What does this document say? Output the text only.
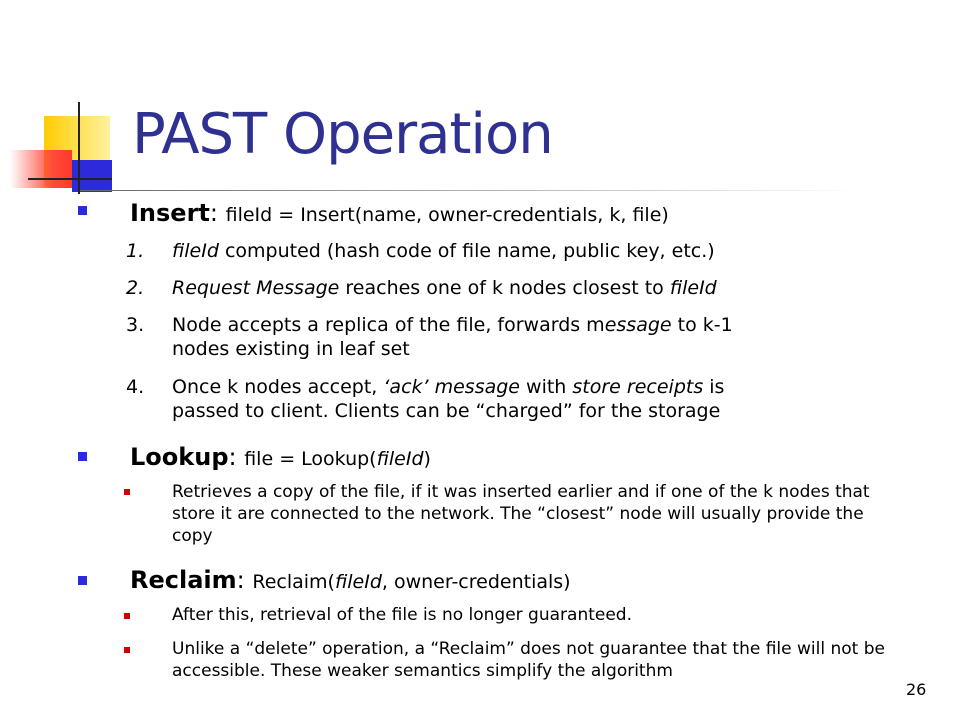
PAST Operation
Insert: fileId = Insert(name, owner-credentials, k, file)
1. fileId computed (hash code of file name, public key, etc.)
2. Request Message reaches one of k nodes closest to fileId
3. Node accepts a replica of the file, forwards message to k-1
nodes existing in leaf set
4. Once k nodes accept, ‘ack’ message with store receipts is
passed to client. Clients can be “charged” for the storage
Lookup: file = Lookup(fileId)
Retrieves a copy of the file, if it was inserted earlier and if one of the k nodes that store it are connected to the network. The “closest” node will usually provide the copy
Reclaim: Reclaim(fileId, owner-credentials)
After this, retrieval of the file is no longer guaranteed.
Unlike a “delete” operation, a “Reclaim” does not guarantee that the file will not be accessible. These weaker semantics simplify the algorithm
26
